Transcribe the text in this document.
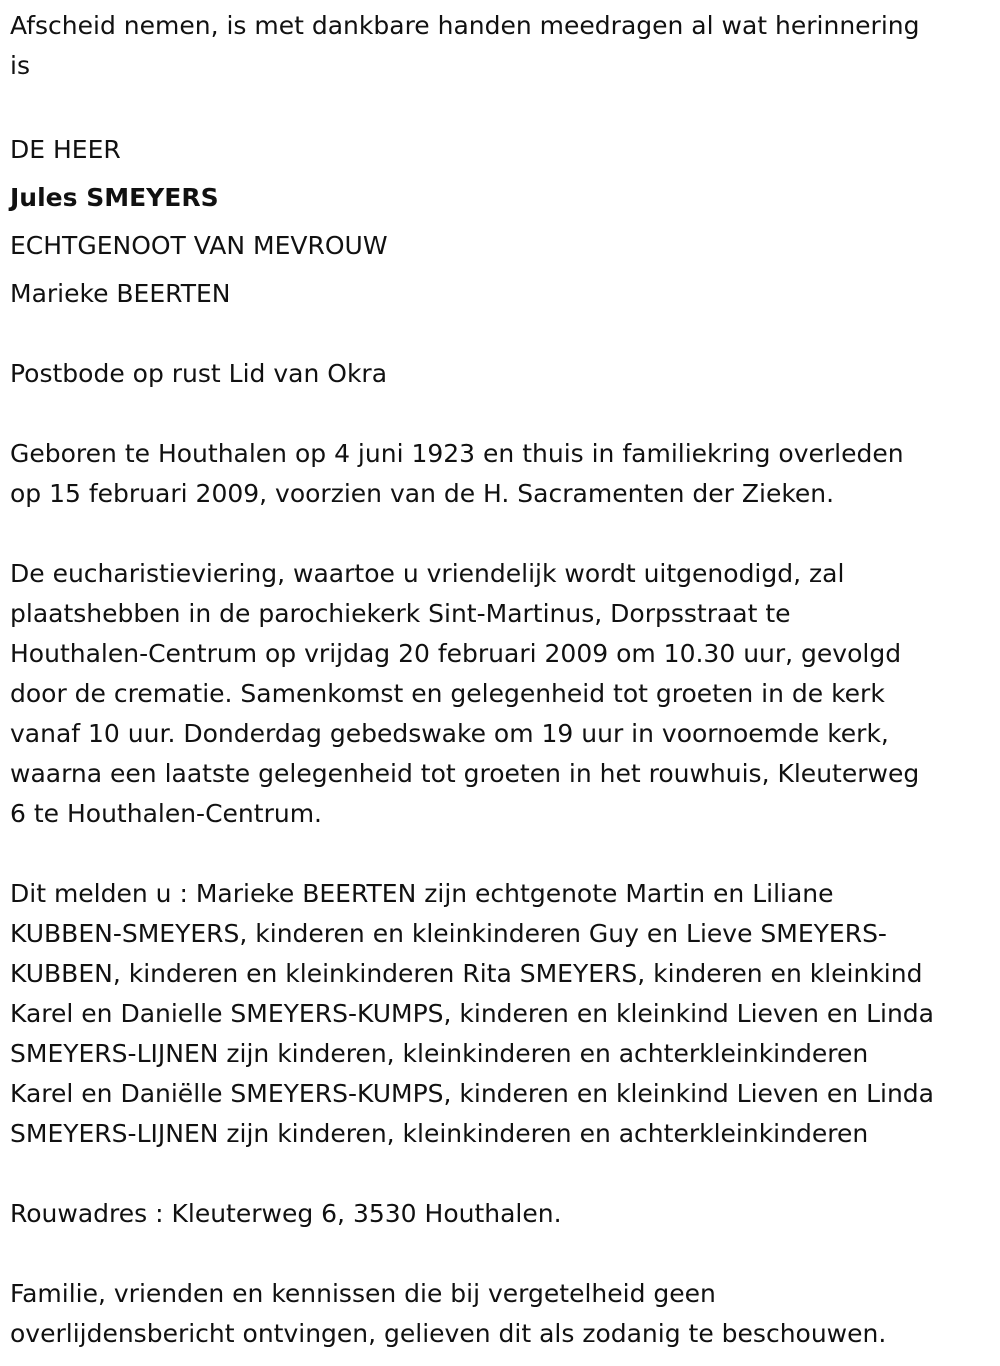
Afscheid nemen, is met dankbare handen meedragen al wat herinnering
is

DE HEER
Jules SMEYERS
ECHTGENOOT VAN MEVROUW
Marieke BEERTEN

Postbode op rust Lid van Okra

Geboren te Houthalen op 4 juni 1923 en thuis in familiekring overleden
op 15 februari 2009, voorzien van de H. Sacramenten der Zieken.

De eucharistieviering, waartoe u vriendelijk wordt uitgenodigd, zal
plaatshebben in de parochiekerk Sint-Martinus, Dorpsstraat te
Houthalen-Centrum op vrijdag 20 februari 2009 om 10.30 uur, gevolgd
door de crematie. Samenkomst en gelegenheid tot groeten in de kerk
vanaf 10 uur. Donderdag gebedswake om 19 uur in voornoemde kerk,
waarna een laatste gelegenheid tot groeten in het rouwhuis, Kleuterweg
6 te Houthalen-Centrum.

Dit melden u : Marieke BEERTEN zijn echtgenote Martin en Liliane
KUBBEN-SMEYERS, kinderen en kleinkinderen Guy en Lieve SMEYERS-
KUBBEN, kinderen en kleinkinderen Rita SMEYERS, kinderen en kleinkind
Karel en Danielle SMEYERS-KUMPS, kinderen en kleinkind Lieven en Linda
SMEYERS-LIJNEN zijn kinderen, kleinkinderen en achterkleinkinderen
Karel en Daniëlle SMEYERS-KUMPS, kinderen en kleinkind Lieven en Linda
SMEYERS-LIJNEN zijn kinderen, kleinkinderen en achterkleinkinderen

Rouwadres : Kleuterweg 6, 3530 Houthalen.

Familie, vrienden en kennissen die bij vergetelheid geen
overlijdensbericht ontvingen, gelieven dit als zodanig te beschouwen.
